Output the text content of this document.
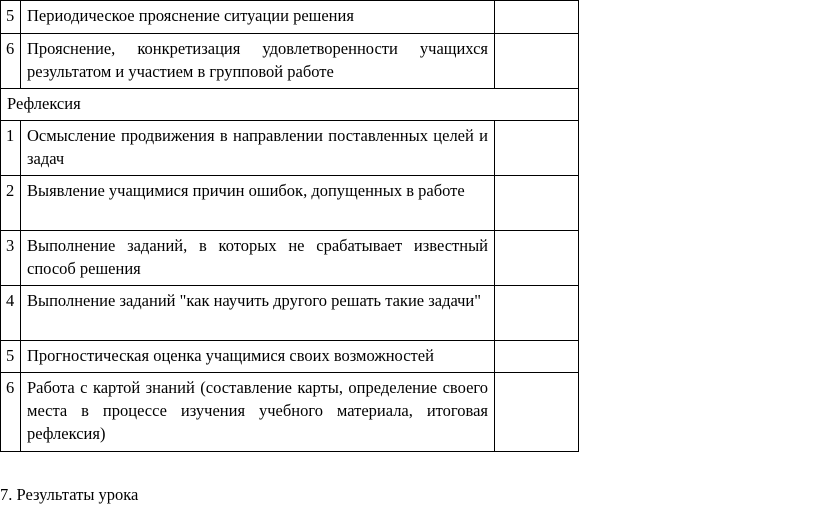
5	Периодическое прояснение ситуации решения	
6	Прояснение, конкретизация удовлетворенности учащихся результатом и участием в групповой работе	
Рефлексия		
1	Осмысление продвижения в направлении поставленных целей и задач	
2	Выявление учащимися причин ошибок, допущенных в работе	
3	Выполнение заданий, в которых не срабатывает известный способ решения	
4	Выполнение заданий "как научить другого решать такие задачи"	
5	Прогностическая оценка учащимися своих возможностей	
6	Работа с картой знаний (составление карты, определение своего места в процессе изучения учебного материала, итоговая рефлексия)	
7. Результаты урока
